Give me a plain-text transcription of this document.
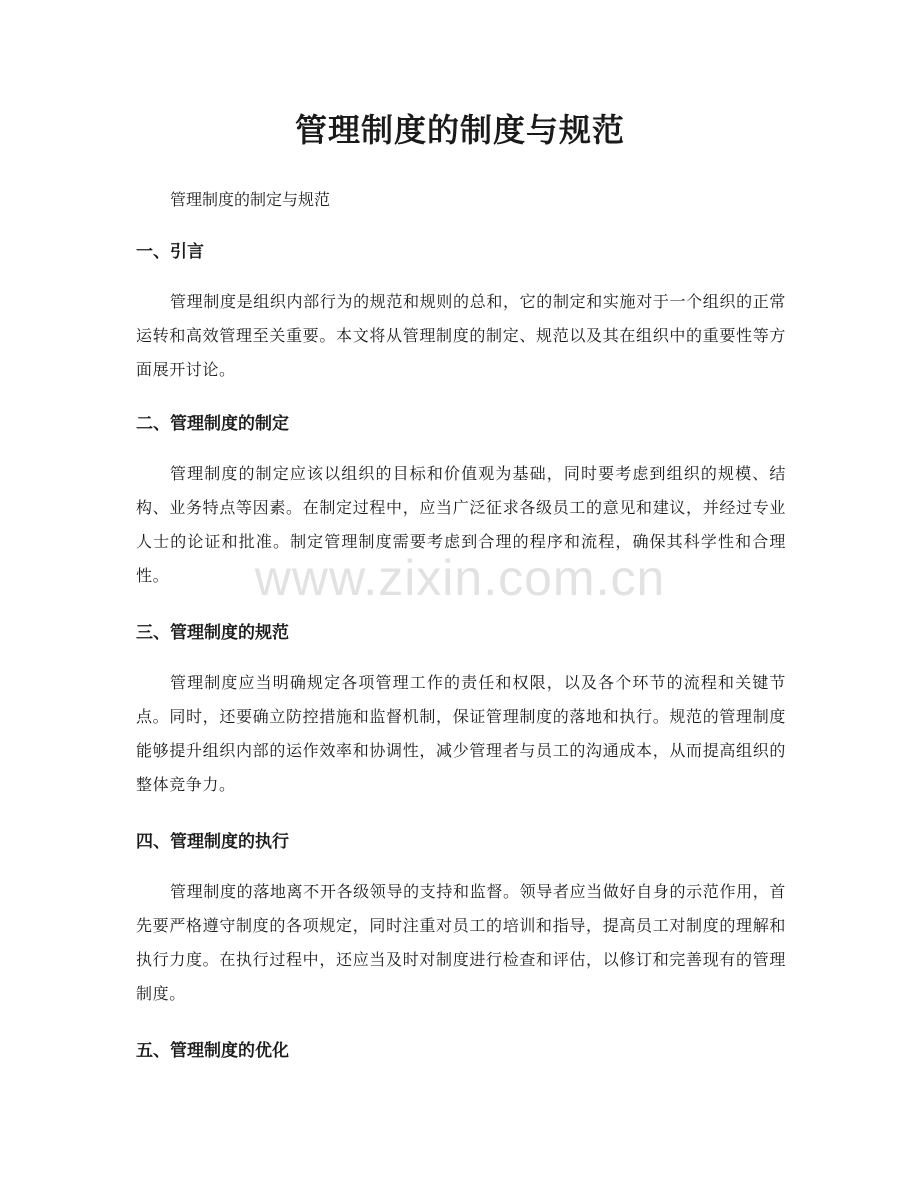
管理制度的制度与规范

管理制度的制定与规范

一、引言

管理制度是组织内部行为的规范和规则的总和，它的制定和实施对于一个组织的正常运转和高效管理至关重要。本文将从管理制度的制定、规范以及其在组织中的重要性等方面展开讨论。

二、管理制度的制定

管理制度的制定应该以组织的目标和价值观为基础，同时要考虑到组织的规模、结构、业务特点等因素。在制定过程中，应当广泛征求各级员工的意见和建议，并经过专业人士的论证和批准。制定管理制度需要考虑到合理的程序和流程，确保其科学性和合理性。

三、管理制度的规范

管理制度应当明确规定各项管理工作的责任和权限，以及各个环节的流程和关键节点。同时，还要确立防控措施和监督机制，保证管理制度的落地和执行。规范的管理制度能够提升组织内部的运作效率和协调性，减少管理者与员工的沟通成本，从而提高组织的整体竞争力。

四、管理制度的执行

管理制度的落地离不开各级领导的支持和监督。领导者应当做好自身的示范作用，首先要严格遵守制度的各项规定，同时注重对员工的培训和指导，提高员工对制度的理解和执行力度。在执行过程中，还应当及时对制度进行检查和评估，以修订和完善现有的管理制度。

五、管理制度的优化
www.zixin.com.cn
